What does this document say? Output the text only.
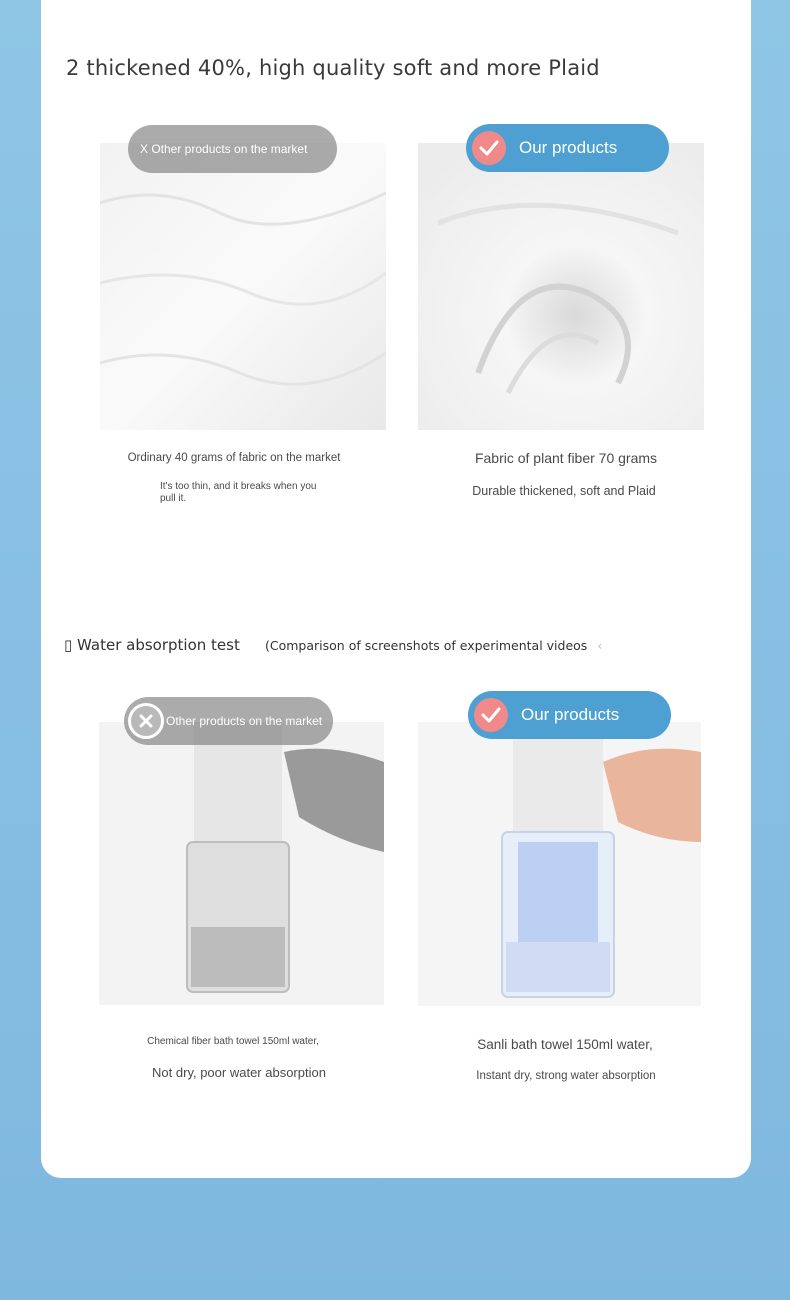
2 thickened 40%, high quality soft and more Plaid
X Other products on the market	Our products
Ordinary 40 grams of fabric on the market
It's too thin, and it breaks when you pull it.
Fabric of plant fiber 70 grams
Durable thickened, soft and Plaid
▯ Water absorption test (Comparison of screenshots of experimental videos ‹
Other products on the market	Our products
Chemical fiber bath towel 150ml water,
Not dry, poor water absorption
Sanli bath towel 150ml water,
Instant dry, strong water absorption
